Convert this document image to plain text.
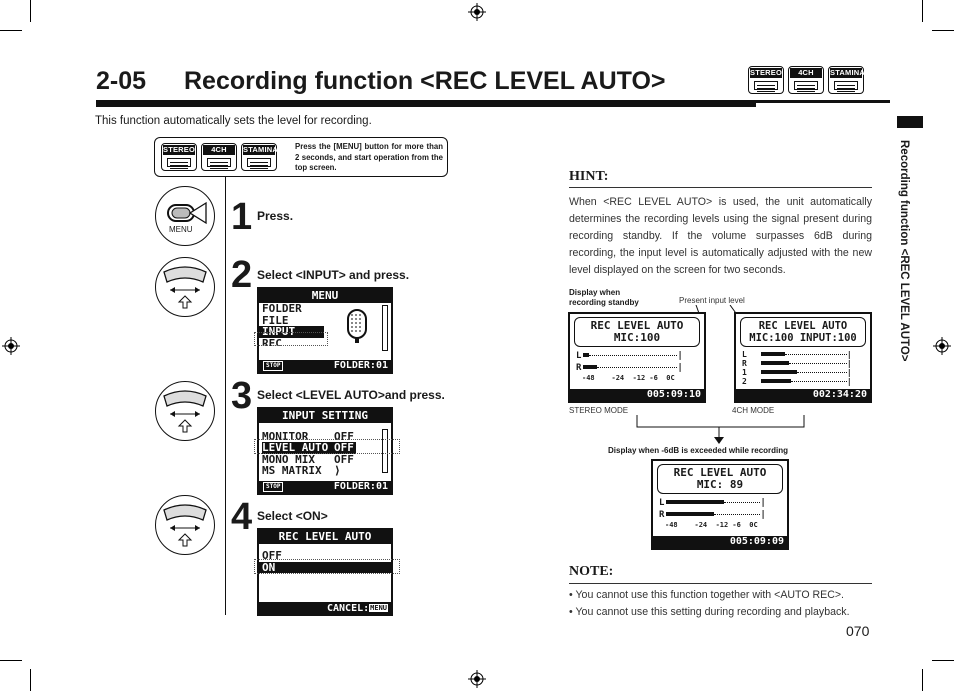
2-05 Recording function <REC LEVEL AUTO>	STEREO	4CH	STAMINA
This function automatically sets the level for recording.
STEREO	4CH	STAMINA Press the [MENU] button for more than 2 seconds, and start operation from the top screen.
MENU 1 Press.
2 Select <INPUT> and press.
MENU
FOLDER
FILE
INPUT
REC
STOP	FOLDER:01
3 Select <LEVEL AUTO>and press.
INPUT SETTING
MONITOR OFF
LEVEL AUTO OFF
MONO MIX OFF
MS MATRIX ⟩
STOP	FOLDER:01
4 Select <ON>
REC LEVEL AUTO
OFF
ON
CANCEL:MENU
HINT:
When <REC LEVEL AUTO> is used, the unit automatically determines the recording levels using the signal present during recording standby. If the volume surpasses 6dB during recording, the input level is automatically adjusted with the new level displayed on the screen for two seconds.
Display when recording standby	Present input level
REC LEVEL AUTO
MIC:100
L	|
R	|
-48    -24  -12 -6  0C
005:09:10
STEREO MODE
REC LEVEL AUTO
MIC:100 INPUT:100
L	|
R	|
1	|
2	|
002:34:20
4CH MODE
Display when -6dB is exceeded while recording
REC LEVEL AUTO
MIC: 89
L	|
R	|
-48    -24  -12 -6  0C
005:09:09
NOTE:
• You cannot use this function together with <AUTO REC>.
• You cannot use this setting during recording and playback.
Recording function <REC LEVEL AUTO>
070
